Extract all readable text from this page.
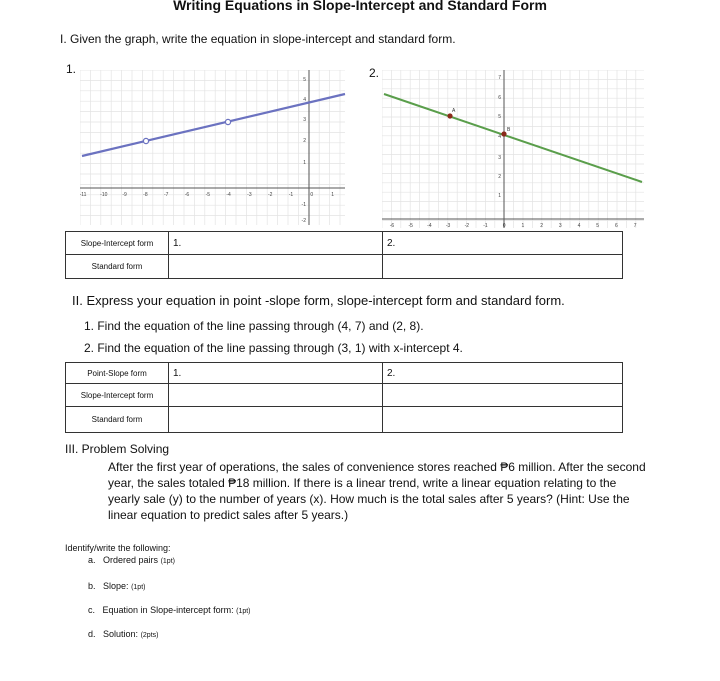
Writing Equations in Slope-Intercept and Standard Form
I. Given the graph, write the equation in slope-intercept and standard form.
1.	2.
-11	-10	-9	-8	-7	-6	-5	-4	-3	-2	-1	0	1
5
4
3
2
1
-1
-2
-6	-5	-4	-3	-2	-1	0	1	2	3	4	5	6	7
7
6
5
4
3
2
1
A
B
Slope-Intercept form	1.	2.
Standard form		
II. Express your equation in point -slope form, slope-intercept form and standard form.
1. Find the equation of the line passing through (4, 7) and (2, 8).
2. Find the equation of the line passing through (3, 1) with x-intercept 4.
Point-Slope form	1.	2.
Slope-Intercept form		
Standard form		
III. Problem Solving
After the first year of operations, the sales of convenience stores reached ₱6 million. After the second year, the sales totaled ₱18 million. If there is a linear trend, write a linear equation relating to the yearly sale (y) to the number of years (x). How much is the total sales after 5 years? (Hint: Use the linear equation to predict sales after 5 years.)
Identify/write the following:
a. Ordered pairs (1pt)
b. Slope: (1pt)
c. Equation in Slope-intercept form: (1pt)
d. Solution: (2pts)
